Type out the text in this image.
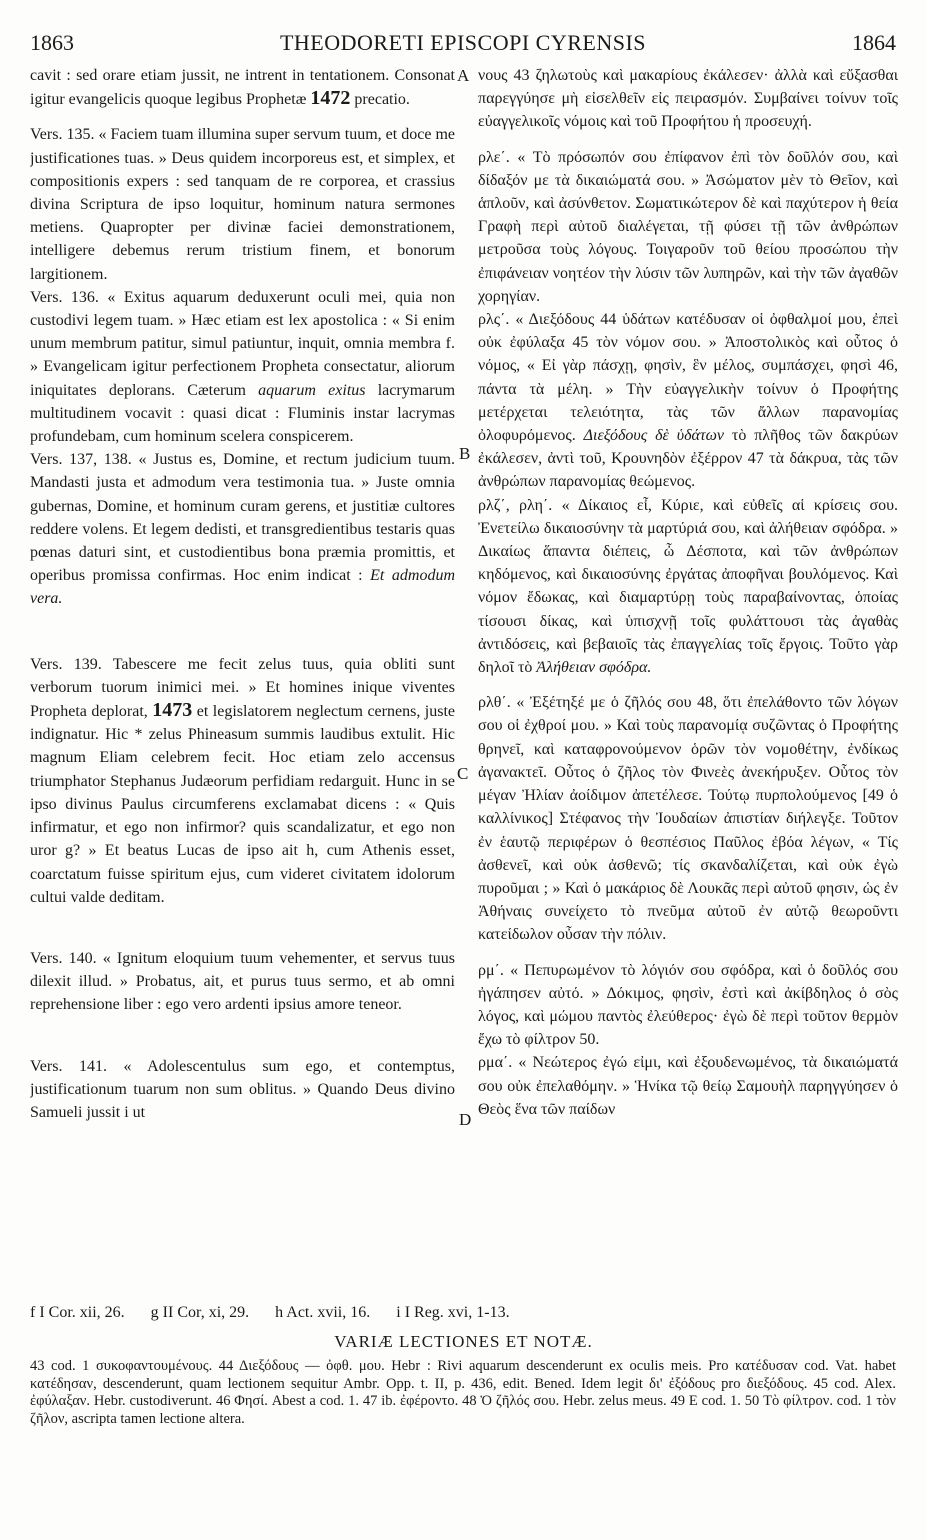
1863	THEODORETI EPISCOPI CYRENSIS	1864

cavit : sed orare etiam jussit, ne intrent in tentationem. Consonat igitur evangelicis quoque legibus Prophetæ 1472 precatio.

Vers. 135. « Faciem tuam illumina super servum tuum, et doce me justificationes tuas. » Deus quidem incorporeus est, et simplex, et compositionis expers : sed tanquam de re corporea, et crassius divina Scriptura de ipso loquitur, hominum natura sermones metiens. Quapropter per divinæ faciei demonstrationem, intelligere debemus rerum tristium finem, et bonorum largitionem.

Vers. 136. « Exitus aquarum deduxerunt oculi mei, quia non custodivi legem tuam. » Hæc etiam est lex apostolica : « Si enim unum membrum patitur, simul patiuntur, inquit, omnia membra f. » Evangelicam igitur perfectionem Propheta consectatur, aliorum iniquitates deplorans. Cæterum aquarum exitus lacrymarum multitudinem vocavit : quasi dicat : Fluminis instar lacrymas profundebam, cum hominum scelera conspicerem.

Vers. 137, 138. « Justus es, Domine, et rectum judicium tuum. Mandasti justa et admodum vera testimonia tua. » Juste omnia gubernas, Domine, et hominum curam gerens, et justitiæ cultores reddere volens. Et legem dedisti, et transgredientibus testaris quas pœnas daturi sint, et custodientibus bona præmia promittis, et operibus promissa confirmas. Hoc enim indicat : Et admodum vera.

Vers. 139. Tabescere me fecit zelus tuus, quia obliti sunt verborum tuorum inimici mei. » Et homines inique viventes Propheta deplorat, 1473 et legislatorem neglectum cernens, juste indignatur. Hic * zelus Phineasum summis laudibus extulit. Hic magnum Eliam celebrem fecit. Hoc etiam zelo accensus triumphator Stephanus Judæorum perfidiam redarguit. Hunc in se ipso divinus Paulus circumferens exclamabat dicens : « Quis infirmatur, et ego non infirmor? quis scandalizatur, et ego non uror g? » Et beatus Lucas de ipso ait h, cum Athenis esset, coarctatum fuisse spiritum ejus, cum videret civitatem idolorum cultui valde deditam.

Vers. 140. « Ignitum eloquium tuum vehementer, et servus tuus dilexit illud. » Probatus, ait, et purus tuus sermo, et ab omni reprehensione liber : ego vero ardenti ipsius amore teneor.

Vers. 141. « Adolescentulus sum ego, et contemptus, justificationum tuarum non sum oblitus. » Quando Deus divino Samueli jussit i ut

νους 43 ζηλωτοὺς καὶ μακαρίους ἐκάλεσεν· ἀλλὰ καὶ εὔξασθαι παρεγγύησε μὴ εἰσελθεῖν εἰς πειρασμόν. Συμβαίνει τοίνυν τοῖς εὐαγγελικοῖς νόμοις καὶ τοῦ Προφήτου ἡ προσευχή.

ρλε΄. « Τὸ πρόσωπόν σου ἐπίφανον ἐπὶ τὸν δοῦλόν σου, καὶ δίδαξόν με τὰ δικαιώματά σου. » Ἀσώματον μὲν τὸ Θεῖον, καὶ ἁπλοῦν, καὶ ἀσύνθετον. Σωματικώτερον δὲ καὶ παχύτερον ἡ θεία Γραφὴ περὶ αὐτοῦ διαλέγεται, τῇ φύσει τῇ τῶν ἀνθρώπων μετροῦσα τοὺς λόγους. Τοιγαροῦν τοῦ θείου προσώπου τὴν ἐπιφάνειαν νοητέον τὴν λύσιν τῶν λυπηρῶν, καὶ τὴν τῶν ἀγαθῶν χορηγίαν.

ρλς΄. « Διεξόδους 44 ὑδάτων κατέδυσαν οἱ ὀφθαλμοί μου, ἐπεὶ οὐκ ἐφύλαξα 45 τὸν νόμον σου. » Ἀποστολικὸς καὶ οὗτος ὁ νόμος, « Εἰ γὰρ πάσχῃ, φησὶν, ἓν μέλος, συμπάσχει, φησὶ 46, πάντα τὰ μέλη. » Τὴν εὐαγγελικὴν τοίνυν ὁ Προφήτης μετέρχεται τελειότητα, τὰς τῶν ἄλλων παρανομίας ὀλοφυρόμενος. Διεξόδους δὲ ὑδάτων τὸ πλῆθος τῶν δακρύων ἐκάλεσεν, ἀντὶ τοῦ, Κρουνηδὸν ἐξέρρον 47 τὰ δάκρυα, τὰς τῶν ἀνθρώπων παρανομίας θεώμενος.

ρλζ΄, ρλη΄. « Δίκαιος εἶ, Κύριε, καὶ εὐθεῖς αἱ κρίσεις σου. Ἐνετείλω δικαιοσύνην τὰ μαρτύριά σου, καὶ ἀλήθειαν σφόδρα. » Δικαίως ἅπαντα διέπεις, ὦ Δέσποτα, καὶ τῶν ἀνθρώπων κηδόμενος, καὶ δικαιοσύνης ἐργάτας ἀποφῆναι βουλόμενος. Καὶ νόμον ἔδωκας, καὶ διαμαρτύρῃ τοὺς παραβαίνοντας, ὁποίας τίσουσι δίκας, καὶ ὑπισχνῇ τοῖς φυλάττουσι τὰς ἀγαθὰς ἀντιδόσεις, καὶ βεβαιοῖς τὰς ἐπαγγελίας τοῖς ἔργοις. Τοῦτο γὰρ δηλοῖ τὸ Ἀλήθειαν σφόδρα.

ρλθ΄. « Ἐξέτηξέ με ὁ ζῆλός σου 48, ὅτι ἐπελάθοντο τῶν λόγων σου οἱ ἐχθροί μου. » Καὶ τοὺς παρανομίᾳ συζῶντας ὁ Προφήτης θρηνεῖ, καὶ καταφρονούμενον ὁρῶν τὸν νομοθέτην, ἐνδίκως ἀγανακτεῖ. Οὗτος ὁ ζῆλος τὸν Φινεὲς ἀνεκήρυξεν. Οὗτος τὸν μέγαν Ἠλίαν ἀοίδιμον ἀπετέλεσε. Τούτῳ πυρπολούμενος [49 ὁ καλλίνικος] Στέφανος τὴν Ἰουδαίων ἀπιστίαν διήλεγξε. Τοῦτον ἐν ἑαυτῷ περιφέρων ὁ θεσπέσιος Παῦλος ἐβόα λέγων, « Τίς ἀσθενεῖ, καὶ οὐκ ἀσθενῶ; τίς σκανδαλίζεται, καὶ οὐκ ἐγὼ πυροῦμαι ; » Καὶ ὁ μακάριος δὲ Λουκᾶς περὶ αὐτοῦ φησιν, ὡς ἐν Ἀθήναις συνείχετο τὸ πνεῦμα αὐτοῦ ἐν αὐτῷ θεωροῦντι κατείδωλον οὖσαν τὴν πόλιν.

ρμ΄. « Πεπυρωμένον τὸ λόγιόν σου σφόδρα, καὶ ὁ δοῦλός σου ἠγάπησεν αὐτό. » Δόκιμος, φησὶν, ἐστὶ καὶ ἀκίβδηλος ὁ σὸς λόγος, καὶ μώμου παντὸς ἐλεύθερος· ἐγὼ δὲ περὶ τοῦτον θερμὸν ἔχω τὸ φίλτρον 50.

ρμα΄. « Νεώτερος ἐγώ εἰμι, καὶ ἐξουδενωμένος, τὰ δικαιώματά σου οὐκ ἐπελαθόμην. » Ἡνίκα τῷ θείῳ Σαμουὴλ παρηγγύησεν ὁ Θεὸς ἕνα τῶν παίδων

A
B
C
D
f I Cor. xii, 26. g II Cor, xi, 29. h Act. xvii, 16. i I Reg. xvi, 1-13.
VARIÆ LECTIONES ET NOTÆ.

43 cod. 1 συκοφαντουμένους. 44 Διεξόδους — ὀφθ. μου. Hebr : Rivi aquarum descenderunt ex oculis meis. Pro κατέδυσαν cod. Vat. habet κατέδησαν, descenderunt, quam lectionem sequitur Ambr. Opp. t. II, p. 436, edit. Bened. Idem legit δι' ἐξόδους pro διεξόδους. 45 cod. Alex. ἐφύλαξαν. Hebr. custodiverunt. 46 Φησί. Abest a cod. 1. 47 ib. ἐφέροντο. 48 Ὁ ζῆλός σου. Hebr. zelus meus. 49 E cod. 1. 50 Τὸ φίλτρον. cod. 1 τὸν ζῆλον, ascripta tamen lectione altera.
